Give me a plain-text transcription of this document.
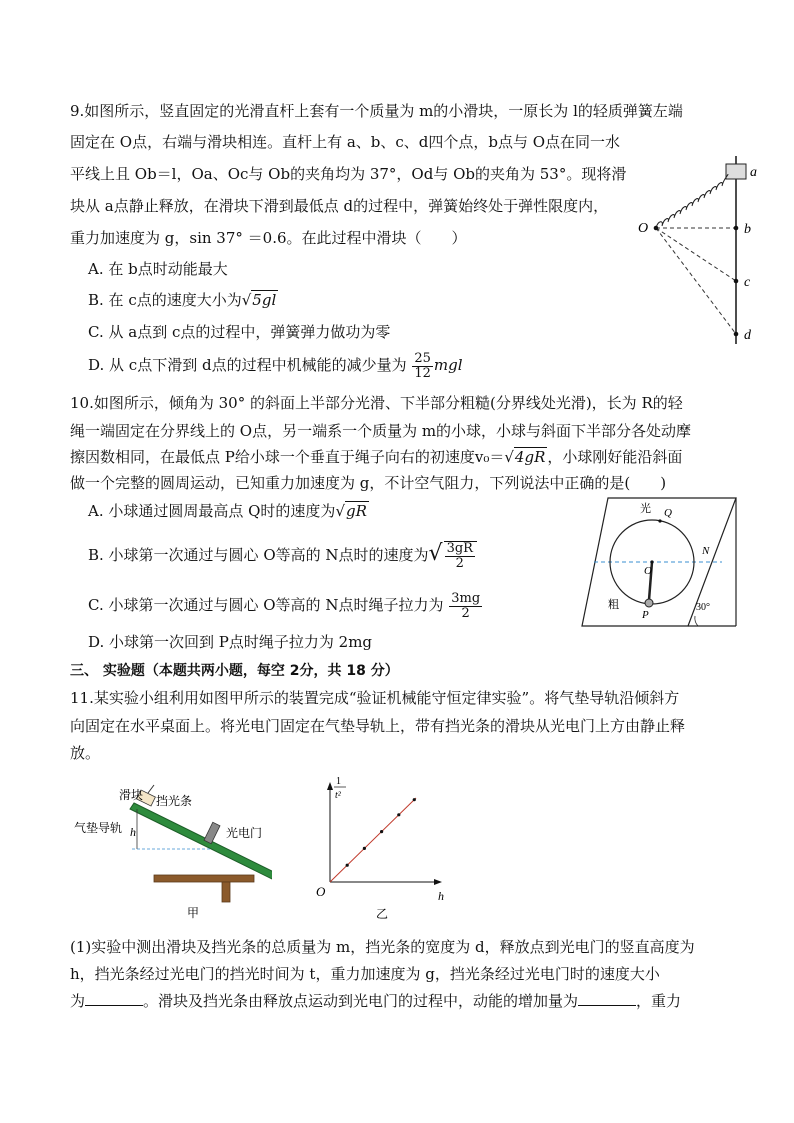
9.如图所示，竖直固定的光滑直杆上套有一个质量为 m的小滑块，一原长为 l的轻质弹簧左端
固定在 O点，右端与滑块相连。直杆上有 a、b、c、d四个点，b点与 O点在同一水
平线上且 Ob＝l，Oa、Oc与 Ob的夹角均为 37°，Od与 Ob的夹角为 53°。现将滑
块从 a点静止释放，在滑块下滑到最低点 d的过程中，弹簧始终处于弹性限度内，
重力加速度为 g，sin 37° ＝0.6。在此过程中滑块（　　）
A. 在 b点时动能最大
B. 在 c点的速度大小为√5gl
C. 从 a点到 c点的过程中，弹簧弹力做功为零
D. 从 c点下滑到 d点的过程中机械能的减少量为 $\frac{25}{12}$ mgl
a
b
c
d
O
10.如图所示，倾角为 30° 的斜面上半部分光滑、下半部分粗糙(分界线处光滑)，长为 R的轻
绳一端固定在分界线上的 O点，另一端系一个质量为 m的小球，小球与斜面下半部分各处动摩
擦因数相同，在最低点 P给小球一个垂直于绳子向右的初速度v₀＝√4gR ，小球刚好能沿斜面
做一个完整的圆周运动，已知重力加速度为 g，不计空气阻力，下列说法中正确的是(　　)
A. 小球通过圆周最高点 Q时的速度为√gR
B. 小球第一次通过与圆心 O等高的 N点时的速度为√ $\frac{3gR}{2}$
C. 小球第一次通过与圆心 O等高的 N点时绳子拉力为 $\frac{3mg}{2}$
D. 小球第一次回到 P点时绳子拉力为 2mg
光
粗
Q
N
O
P
30°
三、 实验题（本题共两小题，每空 2分，共 18 分）
11.某实验小组利用如图甲所示的装置完成“验证机械能守恒定律实验”。将气垫导轨沿倾斜方
向固定在水平桌面上。将光电门固定在气垫导轨上，带有挡光条的滑块从光电门上方由静止释
放。
滑块 挡光条
气垫导轨 h	光电门
甲
1
t²
O	h
乙
(1)实验中测出滑块及挡光条的总质量为 m，挡光条的宽度为 d，释放点到光电门的竖直高度为
h，挡光条经过光电门的挡光时间为 t，重力加速度为 g，挡光条经过光电门时的速度大小
为	。滑块及挡光条由释放点运动到光电门的过程中，动能的增加量为	，重力
